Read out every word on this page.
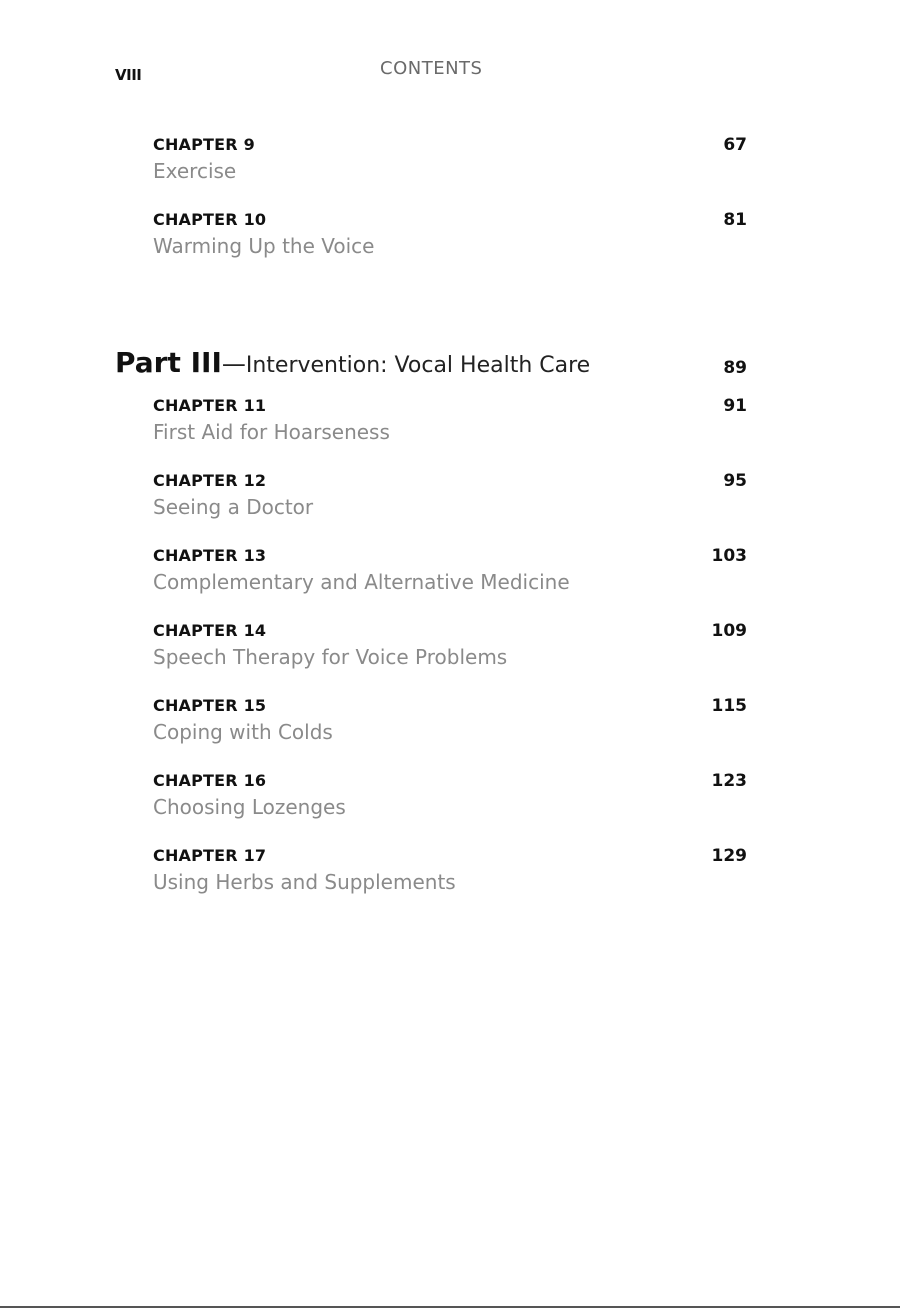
VIII	CONTENTS
CHAPTER 9	67
Exercise
CHAPTER 10	81
Warming Up the Voice
Part III—Intervention: Vocal Health Care	89
CHAPTER 11	91
First Aid for Hoarseness
CHAPTER 12	95
Seeing a Doctor
CHAPTER 13	103
Complementary and Alternative Medicine
CHAPTER 14	109
Speech Therapy for Voice Problems
CHAPTER 15	115
Coping with Colds
CHAPTER 16	123
Choosing Lozenges
CHAPTER 17	129
Using Herbs and Supplements
